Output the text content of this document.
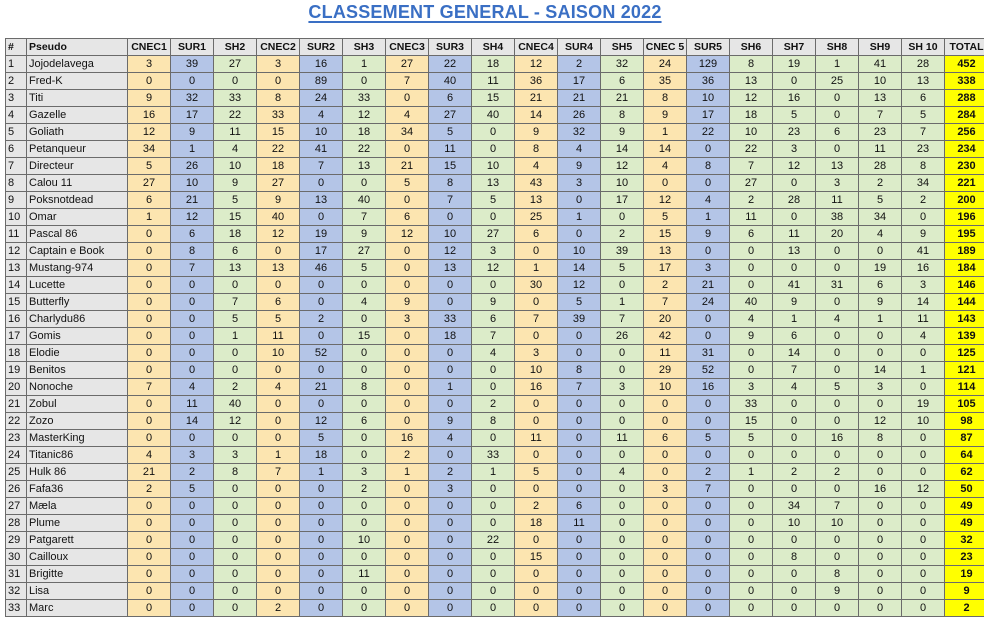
CLASSEMENT GENERAL - SAISON 2022
#	Pseudo	CNEC1	SUR1	SH2	CNEC2	SUR2	SH3	CNEC3	SUR3	SH4	CNEC4	SUR4	SH5	CNEC 5	SUR5	SH6	SH7	SH8	SH9	SH 10	TOTAL
1	Jojodelavega	3	39	27	3	16	1	27	22	18	12	2	32	24	129	8	19	1	41	28	452
2	Fred-K	0	0	0	0	89	0	7	40	11	36	17	6	35	36	13	0	25	10	13	338
3	Titi	9	32	33	8	24	33	0	6	15	21	21	21	8	10	12	16	0	13	6	288
4	Gazelle	16	17	22	33	4	12	4	27	40	14	26	8	9	17	18	5	0	7	5	284
5	Goliath	12	9	11	15	10	18	34	5	0	9	32	9	1	22	10	23	6	23	7	256
6	Petanqueur	34	1	4	22	41	22	0	11	0	8	4	14	14	0	22	3	0	11	23	234
7	Directeur	5	26	10	18	7	13	21	15	10	4	9	12	4	8	7	12	13	28	8	230
8	Calou 11	27	10	9	27	0	0	5	8	13	43	3	10	0	0	27	0	3	2	34	221
9	Poksnotdead	6	21	5	9	13	40	0	7	5	13	0	17	12	4	2	28	11	5	2	200
10	Omar	1	12	15	40	0	7	6	0	0	25	1	0	5	1	11	0	38	34	0	196
11	Pascal 86	0	6	18	12	19	9	12	10	27	6	0	2	15	9	6	11	20	4	9	195
12	Captain e Book	0	8	6	0	17	27	0	12	3	0	10	39	13	0	0	13	0	0	41	189
13	Mustang-974	0	7	13	13	46	5	0	13	12	1	14	5	17	3	0	0	0	19	16	184
14	Lucette	0	0	0	0	0	0	0	0	0	30	12	0	2	21	0	41	31	6	3	146
15	Butterfly	0	0	7	6	0	4	9	0	9	0	5	1	7	24	40	9	0	9	14	144
16	Charlydu86	0	0	5	5	2	0	3	33	6	7	39	7	20	0	4	1	4	1	11	143
17	Gomis	0	0	1	11	0	15	0	18	7	0	0	26	42	0	9	6	0	0	4	139
18	Elodie	0	0	0	10	52	0	0	0	4	3	0	0	11	31	0	14	0	0	0	125
19	Benitos	0	0	0	0	0	0	0	0	0	10	8	0	29	52	0	7	0	14	1	121
20	Nonoche	7	4	2	4	21	8	0	1	0	16	7	3	10	16	3	4	5	3	0	114
21	Zobul	0	11	40	0	0	0	0	0	2	0	0	0	0	0	33	0	0	0	19	105
22	Zozo	0	14	12	0	12	6	0	9	8	0	0	0	0	0	15	0	0	12	10	98
23	MasterKing	0	0	0	0	5	0	16	4	0	11	0	11	6	5	5	0	16	8	0	87
24	Titanic86	4	3	3	1	18	0	2	0	33	0	0	0	0	0	0	0	0	0	0	64
25	Hulk 86	21	2	8	7	1	3	1	2	1	5	0	4	0	2	1	2	2	0	0	62
26	Fafa36	2	5	0	0	0	2	0	3	0	0	0	0	3	7	0	0	0	16	12	50
27	Mæla	0	0	0	0	0	0	0	0	0	2	6	0	0	0	0	34	7	0	0	49
28	Plume	0	0	0	0	0	0	0	0	0	18	11	0	0	0	0	10	10	0	0	49
29	Patgarett	0	0	0	0	0	10	0	0	22	0	0	0	0	0	0	0	0	0	0	32
30	Cailloux	0	0	0	0	0	0	0	0	0	15	0	0	0	0	0	8	0	0	0	23
31	Brigitte	0	0	0	0	0	11	0	0	0	0	0	0	0	0	0	0	8	0	0	19
32	Lisa	0	0	0	0	0	0	0	0	0	0	0	0	0	0	0	0	9	0	0	9
33	Marc	0	0	0	2	0	0	0	0	0	0	0	0	0	0	0	0	0	0	0	2
